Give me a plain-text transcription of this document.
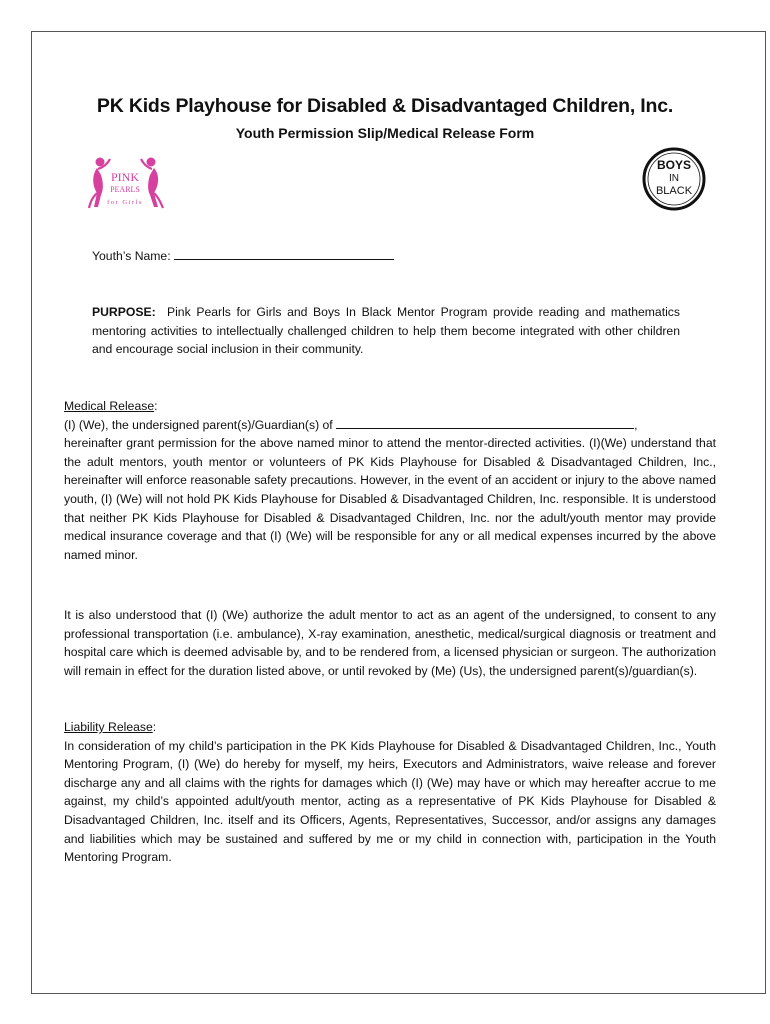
PK Kids Playhouse for Disabled & Disadvantaged Children, Inc.
Youth Permission Slip/Medical Release Form
PINK
PEARLS
for Girls
BOYS
IN
BLACK
Youth’s Name:
PURPOSE: Pink Pearls for Girls and Boys In Black Mentor Program provide reading and mathematics mentoring activities to intellectually challenged children to help them become integrated with other children and encourage social inclusion in their community.
Medical Release:
(I) (We), the undersigned parent(s)/Guardian(s) of	,

hereinafter grant permission for the above named minor to attend the mentor-directed activities. (I)(We) understand that the adult mentors, youth mentor or volunteers of PK Kids Playhouse for Disabled & Disadvantaged Children, Inc., hereinafter will enforce reasonable safety precautions. However, in the event of an accident or injury to the above named youth, (I) (We) will not hold PK Kids Playhouse for Disabled & Disadvantaged Children, Inc. responsible. It is understood that neither PK Kids Playhouse for Disabled & Disadvantaged Children, Inc. nor the adult/youth mentor may provide medical insurance coverage and that (I) (We) will be responsible for any or all medical expenses incurred by the above named minor.

It is also understood that (I) (We) authorize the adult mentor to act as an agent of the undersigned, to consent to any professional transportation (i.e. ambulance), X-ray examination, anesthetic, medical/surgical diagnosis or treatment and hospital care which is deemed advisable by, and to be rendered from, a licensed physician or surgeon. The authorization will remain in effect for the duration listed above, or until revoked by (Me) (Us), the undersigned parent(s)/guardian(s).

Liability Release:

In consideration of my child’s participation in the PK Kids Playhouse for Disabled & Disadvantaged Children, Inc., Youth Mentoring Program, (I) (We) do hereby for myself, my heirs, Executors and Administrators, waive release and forever discharge any and all claims with the rights for damages which (I) (We) may have or which may hereafter accrue to me against, my child’s appointed adult/youth mentor, acting as a representative of PK Kids Playhouse for Disabled & Disadvantaged Children, Inc. itself and its Officers, Agents, Representatives, Successor, and/or assigns any damages and liabilities which may be sustained and suffered by me or my child in connection with, participation in the Youth Mentoring Program.
